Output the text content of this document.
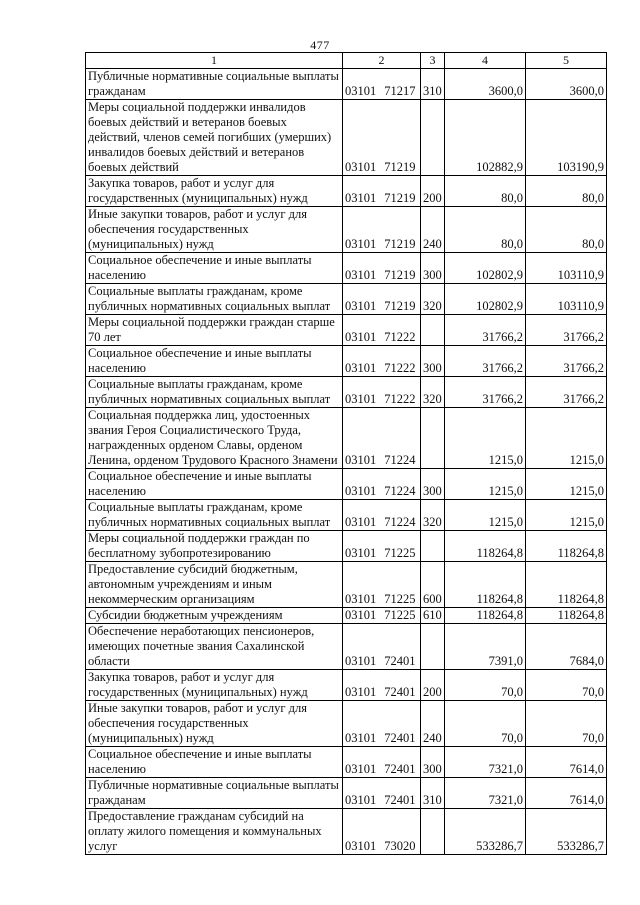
477
1	2	3	4	5
Публичные нормативные социальные выплаты гражданам	03101 71217	310	3600,0	3600,0
Меры социальной поддержки инвалидов боевых действий и ветеранов боевых действий, членов семей погибших (умерших) инвалидов боевых действий и ветеранов боевых действий	03101 71219		102882,9	103190,9
Закупка товаров, работ и услуг для государственных (муниципальных) нужд	03101 71219	200	80,0	80,0
Иные закупки товаров, работ и услуг для обеспечения государственных (муниципальных) нужд	03101 71219	240	80,0	80,0
Социальное обеспечение и иные выплаты населению	03101 71219	300	102802,9	103110,9
Социальные выплаты гражданам, кроме публичных нормативных социальных выплат	03101 71219	320	102802,9	103110,9
Меры социальной поддержки граждан старше 70 лет	03101 71222		31766,2	31766,2
Социальное обеспечение и иные выплаты населению	03101 71222	300	31766,2	31766,2
Социальные выплаты гражданам, кроме публичных нормативных социальных выплат	03101 71222	320	31766,2	31766,2
Социальная поддержка лиц, удостоенных звания Героя Социалистического Труда, награжденных орденом Славы, орденом Ленина, орденом Трудового Красного Знамени	03101 71224		1215,0	1215,0
Социальное обеспечение и иные выплаты населению	03101 71224	300	1215,0	1215,0
Социальные выплаты гражданам, кроме публичных нормативных социальных выплат	03101 71224	320	1215,0	1215,0
Меры социальной поддержки граждан по бесплатному зубопротезированию	03101 71225		118264,8	118264,8
Предоставление субсидий бюджетным, автономным учреждениям и иным некоммерческим организациям	03101 71225	600	118264,8	118264,8
Субсидии бюджетным учреждениям	03101 71225	610	118264,8	118264,8
Обеспечение неработающих пенсионеров, имеющих почетные звания Сахалинской области	03101 72401		7391,0	7684,0
Закупка товаров, работ и услуг для государственных (муниципальных) нужд	03101 72401	200	70,0	70,0
Иные закупки товаров, работ и услуг для обеспечения государственных (муниципальных) нужд	03101 72401	240	70,0	70,0
Социальное обеспечение и иные выплаты населению	03101 72401	300	7321,0	7614,0
Публичные нормативные социальные выплаты гражданам	03101 72401	310	7321,0	7614,0
Предоставление гражданам субсидий на оплату жилого помещения и коммунальных услуг	03101 73020		533286,7	533286,7
